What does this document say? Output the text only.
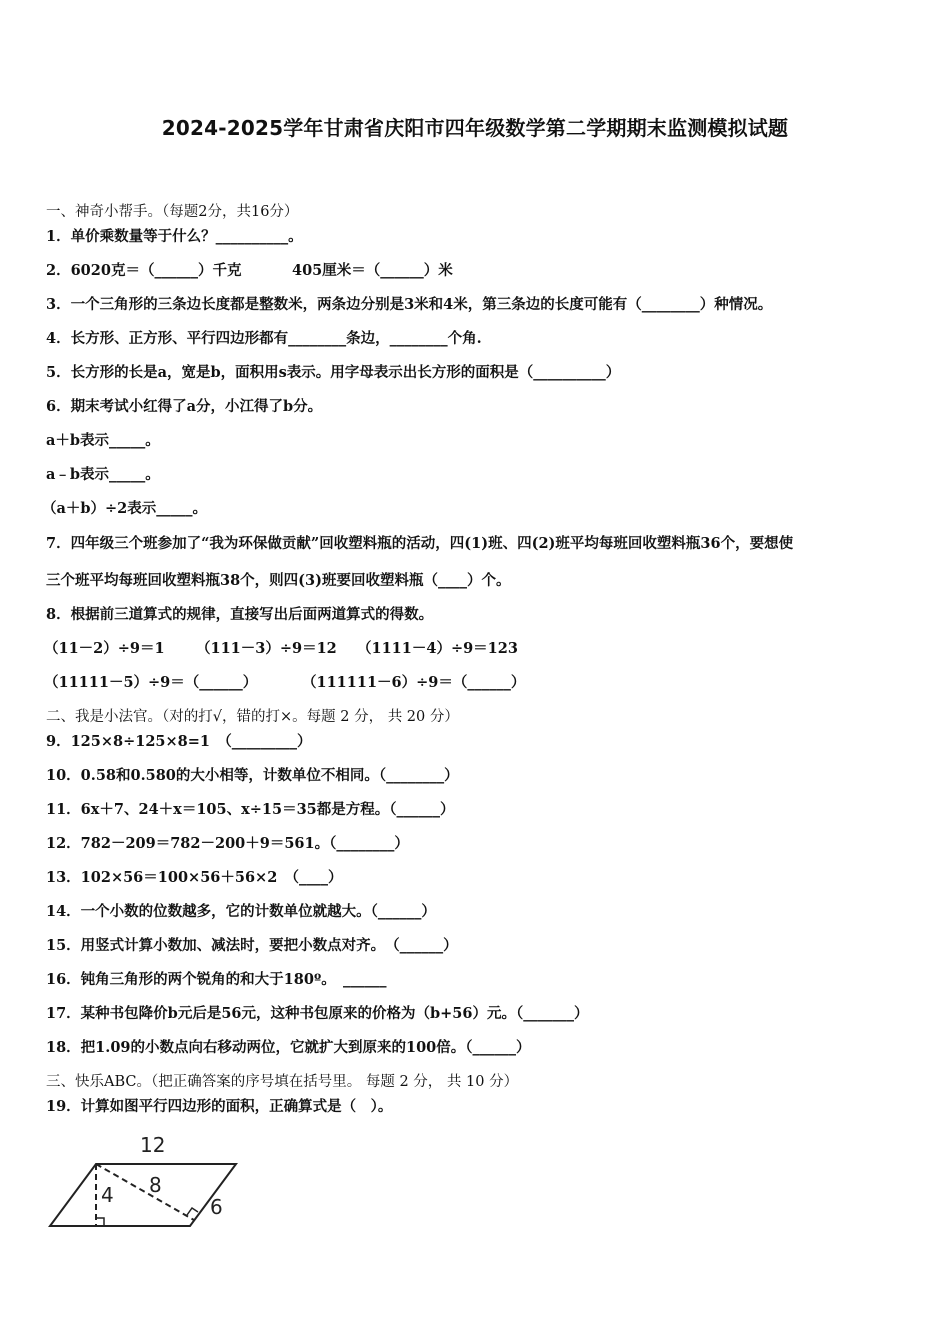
2024-2025学年甘肃省庆阳市四年级数学第二学期期末监测模拟试题
一、神奇小帮手。（每题2分，共16分）
1．单价乘数量等于什么？__________。
2．6020克＝（______）千克	405厘米＝（______）米
3．一个三角形的三条边长度都是整数米，两条边分别是3米和4米，第三条边的长度可能有（________）种情况。
4．长方形、正方形、平行四边形都有________条边，________个角.
5．长方形的长是a，宽是b，面积用s表示。用字母表示出长方形的面积是（__________）
6．期末考试小红得了a分，小江得了b分。
a＋b表示_____。
a﹣b表示_____。
（a＋b）÷2表示_____。
7．四年级三个班参加了“我为环保做贡献”回收塑料瓶的活动，四(1)班、四(2)班平均每班回收塑料瓶36个，要想使
三个班平均每班回收塑料瓶38个，则四(3)班要回收塑料瓶（____）个。
8．根据前三道算式的规律，直接写出后面两道算式的得数。
（11－2）÷9＝1 （111－3）÷9＝12 （1111－4）÷9＝123
（11111－5）÷9＝（______）	（111111－6）÷9＝（______）
二、我是小法官。（对的打√，错的打×。每题 2 分， 共 20 分）
9．125×8÷125×8=1　（_________）
10．0.58和0.580的大小相等，计数单位不相同。（________）
11．6x＋7、24＋x＝105、x÷15＝35都是方程。（______）
12．782－209＝782－200＋9＝561。（________）
13．102×56＝100×56＋56×2　（____）
14．一个小数的位数越多，它的计数单位就越大。（______）
15．用竖式计算小数加、减法时，要把小数点对齐。　（______）
16．钝角三角形的两个锐角的和大于180º。　______
17．某种书包降价b元后是56元，这种书包原来的价格为（b+56）元。（_______）
18．把1.09的小数点向右移动两位，它就扩大到原来的100倍。（______）
三、快乐ABC。（把正确答案的序号填在括号里。 每题 2 分， 共 10 分）
19．计算如图平行四边形的面积，正确算式是（　）。
12
4 8
6
